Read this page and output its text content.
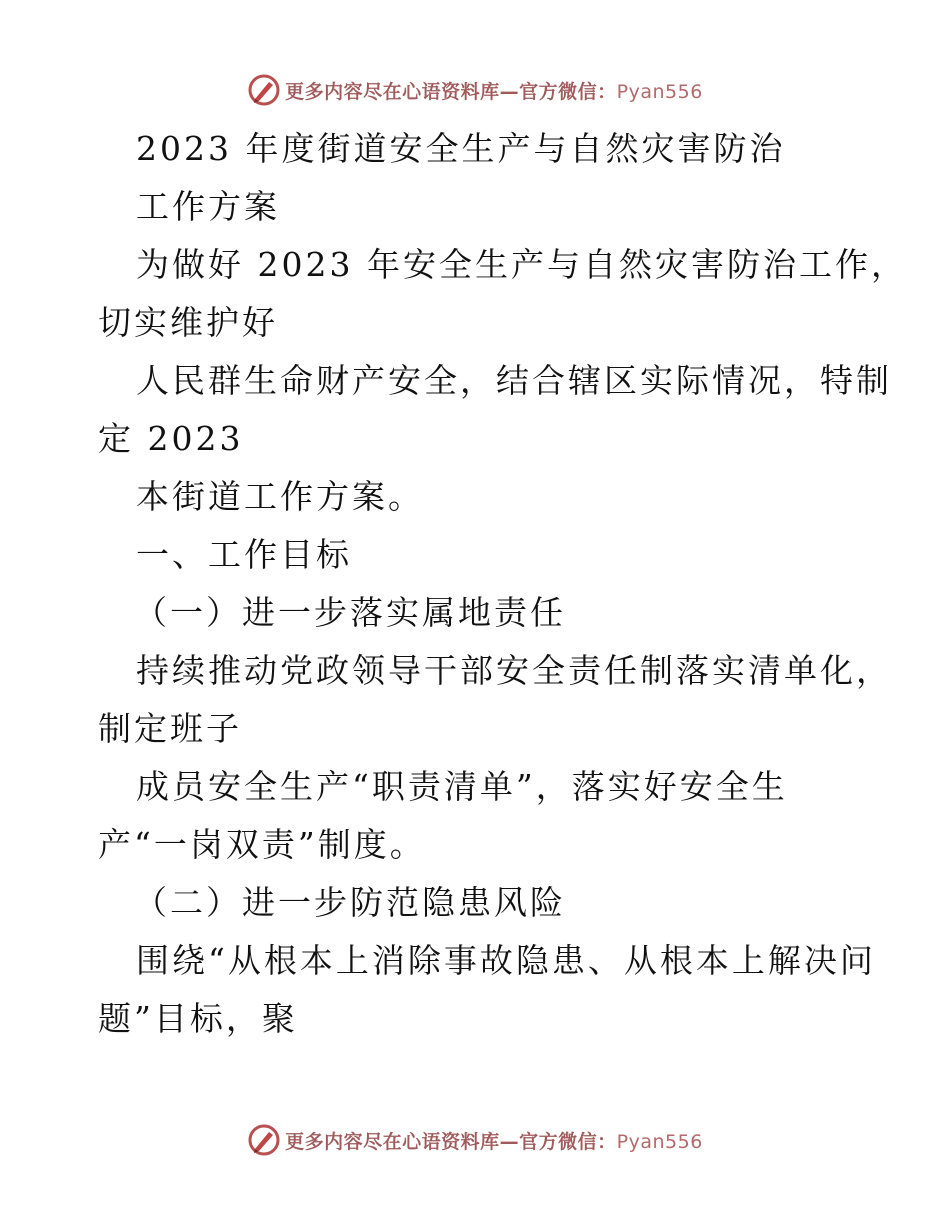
更多内容尽在心语资料库—官方微信：Pyan556
2023 年度街道安全生产与自然灾害防治
工作方案
为做好 2023 年安全生产与自然灾害防治工作，
切实维护好
人民群生命财产安全，结合辖区实际情况，特制
定 2023
本街道工作方案。
一、工作目标
（一）进一步落实属地责任
持续推动党政领导干部安全责任制落实清单化，
制定班子
成员安全生产“职责清单”，落实好安全生
产“一岗双责”制度。
（二）进一步防范隐患风险
围绕“从根本上消除事故隐患、从根本上解决问
题”目标，聚
更多内容尽在心语资料库—官方微信：Pyan556
